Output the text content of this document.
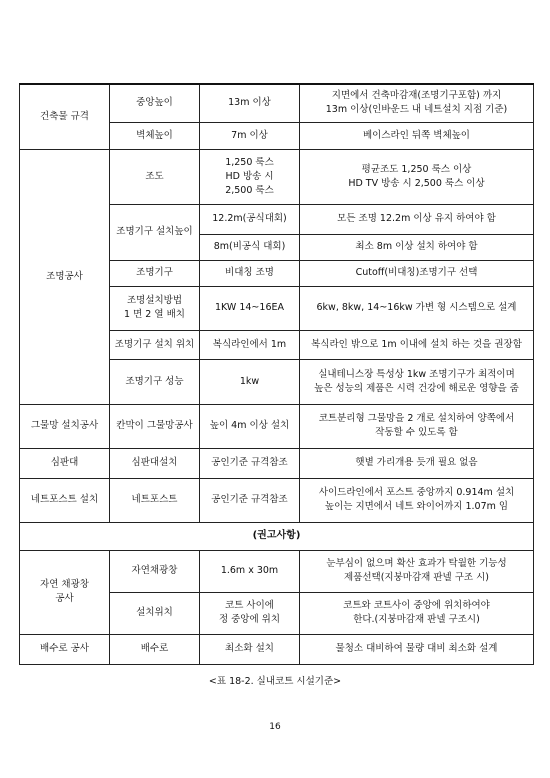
건축물 규격	중앙높이	13m 이상	지면에서 건축마감재(조명기구포함) 까지
13m 이상(인바운드 내 네트설치 지점 기준)
	벽체높이	7m 이상	베이스라인 뒤쪽 벽체높이
조명공사	조도	1,250 룩스
HD 방송 시
2,500 룩스	평균조도 1,250 룩스 이상
HD TV 방송 시 2,500 룩스 이상
	조명기구 설치높이	12.2m(공식대회)	모든 조명 12.2m 이상 유지 하여야 함
		8m(비공식 대회)	최소 8m 이상 설치 하여야 함
	조명기구	비대칭 조명	Cutoff(비대칭)조명기구 선택
	조명설치방법
1 면 2 열 배치	1KW 14~16EA	6kw, 8kw, 14~16kw 가변 형 시스템으로 설계
	조명기구 설치 위치	복식라인에서 1m	복식라인 밖으로 1m 이내에 설치 하는 것을 권장함
	조명기구 성능	1kw	실내테니스장 특성상 1kw 조명기구가 최적이며
높은 성능의 제품은 시력 건강에 해로운 영향을 줌
그물망 설치공사	칸막이 그물망공사	높이 4m 이상 설치	코트분리형 그물망을 2 개로 설치하여 양쪽에서
작동할 수 있도록 함
심판대	심판대설치	공인기준 규격참조	햇볕 가리개용 듯개 필요 없음
네트포스트 설치	네트포스트	공인기준 규격참조	사이드라인에서 포스트 중앙까지 0.914m 설치
높이는 지면에서 네트 와이어까지 1.07m 임
(권고사항)			
자연 채광창
공사	자연채광창	1.6m x 30m	눈부심이 없으며 확산 효과가 탁월한 기능성
제품선택(지붕마감재 판넬 구조 시)
	설치위치	코트 사이에
정 중앙에 위치	코트와 코트사이 중앙에 위치하여야
한다.(지붕마감재 판넬 구조시)
배수로 공사	배수로	최소화 설치	물청소 대비하여 물량 대비 최소화 설계
<표 18-2. 실내코트 시설기준>
16
